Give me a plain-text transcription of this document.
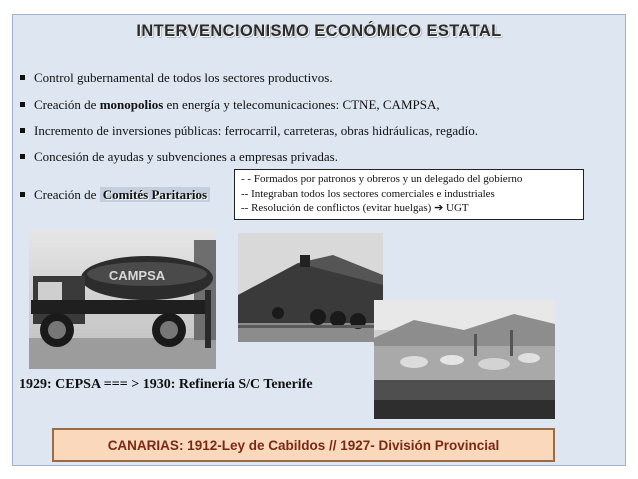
INTERVENCIONISMO ECONÓMICO ESTATAL
Control gubernamental de todos los sectores productivos.
Creación de monopolios en energía y telecomunicaciones: CTNE, CAMPSA,
Incremento de inversiones públicas: ferrocarril, carreteras, obras hidráulicas, regadío.
Concesión de ayudas y subvenciones a empresas privadas.
Creación de Comités Paritarios
- - Formados por patronos y obreros y un delegado del gobierno
-- Integraban todos los sectores comerciales e industriales
-- Resolución de conflictos (evitar huelgas) ➔ UGT
CAMPSA
1929: CEPSA === > 1930: Refinería S/C Tenerife
CANARIAS: 1912-Ley de Cabildos // 1927- División Provincial
